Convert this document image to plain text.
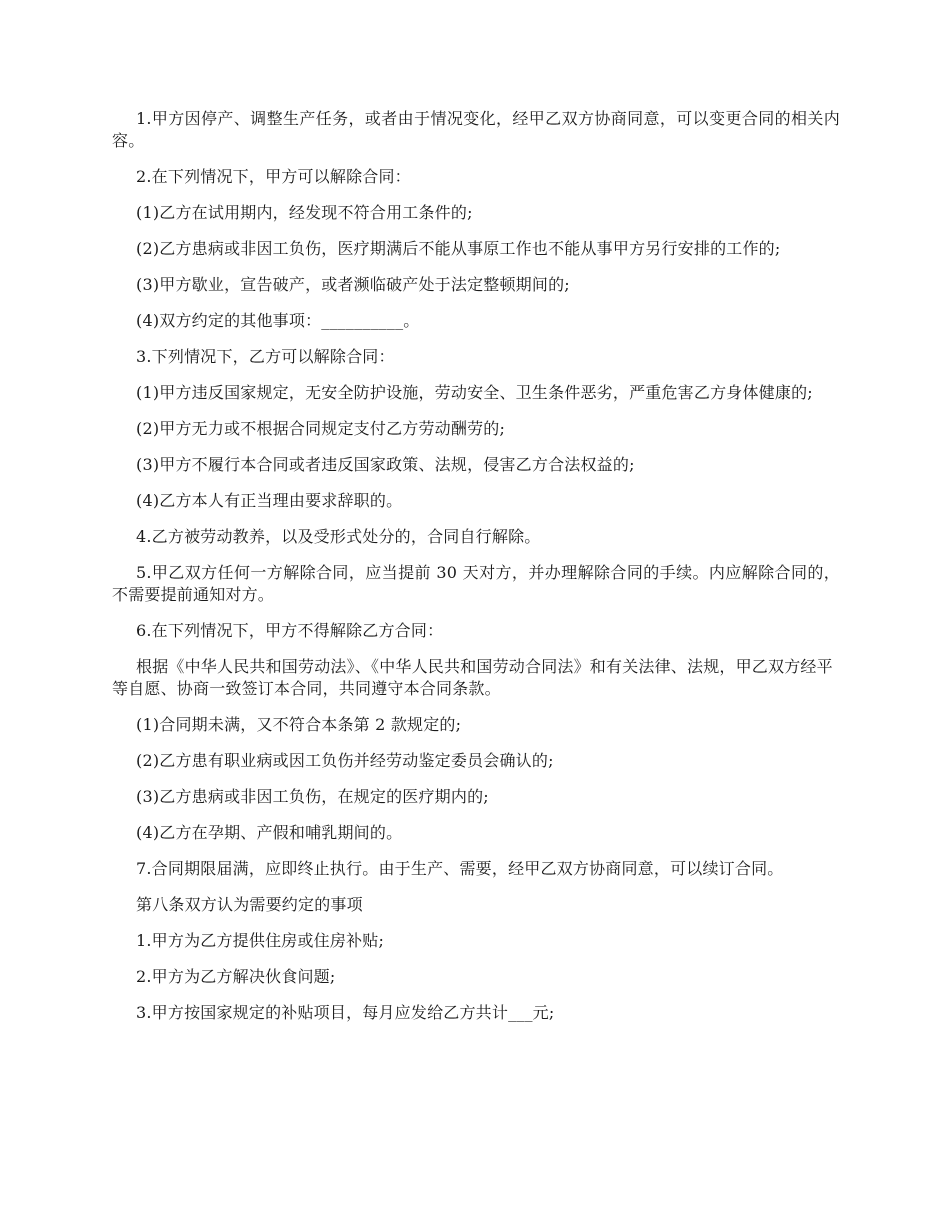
1.甲方因停产、调整生产任务，或者由于情况变化，经甲乙双方协商同意，可以变更合同的相关内容。

2.在下列情况下，甲方可以解除合同：

(1)乙方在试用期内，经发现不符合用工条件的;

(2)乙方患病或非因工负伤，医疗期满后不能从事原工作也不能从事甲方另行安排的工作的;

(3)甲方歇业，宣告破产，或者濒临破产处于法定整顿期间的;

(4)双方约定的其他事项：__________。

3.下列情况下，乙方可以解除合同：

(1)甲方违反国家规定，无安全防护设施，劳动安全、卫生条件恶劣，严重危害乙方身体健康的;

(2)甲方无力或不根据合同规定支付乙方劳动酬劳的;

(3)甲方不履行本合同或者违反国家政策、法规，侵害乙方合法权益的;

(4)乙方本人有正当理由要求辞职的。

4.乙方被劳动教养，以及受形式处分的，合同自行解除。

5.甲乙双方任何一方解除合同，应当提前 30 天对方，并办理解除合同的手续。内应解除合同的，不需要提前通知对方。

6.在下列情况下，甲方不得解除乙方合同：

根据《中华人民共和国劳动法》、《中华人民共和国劳动合同法》和有关法律、法规，甲乙双方经平等自愿、协商一致签订本合同，共同遵守本合同条款。

(1)合同期未满，又不符合本条第 2 款规定的;

(2)乙方患有职业病或因工负伤并经劳动鉴定委员会确认的;

(3)乙方患病或非因工负伤，在规定的医疗期内的;

(4)乙方在孕期、产假和哺乳期间的。

7.合同期限届满，应即终止执行。由于生产、需要，经甲乙双方协商同意，可以续订合同。

第八条双方认为需要约定的事项

1.甲方为乙方提供住房或住房补贴;

2.甲方为乙方解决伙食问题;

3.甲方按国家规定的补贴项目，每月应发给乙方共计___元;
